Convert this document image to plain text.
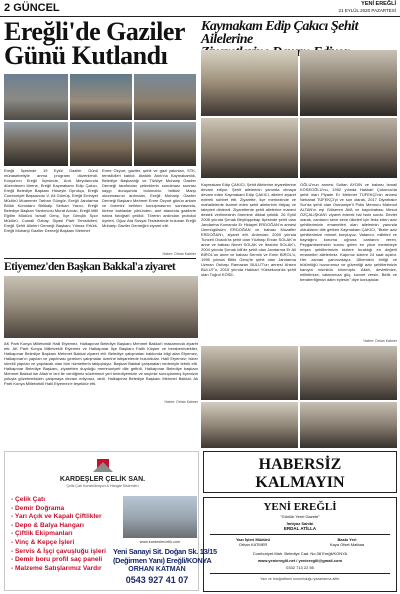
2 GÜNCEL	YENİ EREĞLİ
21 EYLÜL 2020 PAZARTESİ
Ereğli'de Gaziler
Günü Kutlandı
Ereğli İlçesinde 19 Eylül Gaziler Günü münasebetiyle anma programı düzenlendi. Konya'nın Ereğli İlçesinde, Anıt Meydanında düzenlenen törene, Ereğli Kaymakamı Edip Çakıcı, Ereğli Belediye Başkanı Hüseyin Oprukçu, Ereğli Cumhuriyet Başsavcısı V. Ali Gümüş, Ereğli Emniyet Müdürü Muammer Tarhan Güngör, Ereğli Jandarma Bölük Komutanı Birlikalp Serkan Yazıcı, Ereğli Belediye Başkan Yardımcısı Murat Arıcan, Ereğli Milli Eğitim Müdürü İsmail Genç, İlçe Gençlik Spor Müdürü, Cumali Özbay, Siyasi Parti Temsilcileri, Ereğli Şehit Aileleri Derneği Başkanı Yılmaz Ertürk, Ereğli Muharip Gaziler Derneği Başkanı Mehmet
Emre Özyurt, gaziler, şehit ve gazi yakınları, STK, temsilcileri katıldı. Atatürk Anıtı'na Kaymakamlık, Belediye Başkanlığı ve Türkiye Muharip Gaziler Derneği tarafından çelenklerin sunulması sonrası saygı duruşunda bulunuldu. İstiklal Marşı okunmasının ardından, Ereğli Muharip Gaziler Derneği Başkanı Mehmet Emre Özyurt günün anlam ve önemini belirten konuşmasının sonrasında, törene katılanlar yönünden, anıt alanında gazilerle hatıra fotoğrafı çekildi. Törenin ardından protokol üyeleri, Oğuz Ata Sosyal Tesislerinde bulunan Ereğli Muharip Gaziler Derneğini ziyaret etti.
Haber: Orhan Katmer
Kaymakam Edip Çakıcı Şehit Ailelerine
Kaymakam Edip ÇAKICI, Şehit Ailelerine ziyaretlerine devam ediyor. Şehit ailelerinin yanında olmaya devam eden Kaymakam Edip ÇAKICI, aileleri ziyaret ederek sohbet etti. Ziyarette, ilçe merkezinde ve mahallelerde ikamet eden şehit ailelerinin ihtiyaç ve talepleri dinlendi. Ziyaretlerde şehit ailelerine manevi destek verilmesinin önemine dikkat çekildi. 26 Eylül 2008 yılında Şırnak Beytüşşebap ilçesinde şehit olan Jandarma Komando Er Hidayet ERDOĞAN'ın annesi Ümmügülsüm ERDOĞAN ve babası Muzaffer ERDOĞAN'ı, ziyaret etti. Ardından; 2000 yılında Tunceli Ovacık'ta şehit olan Yüzbaşı Ercan SOLAK'ın anne ve babası Nimet SOLAK ve İbrahim SOLAK'ı, 2004 yılında Şırnak İdil'de şehit olan Jandarma Er Ali BİROL'un anne ve babası Sermin ve Emin BİROL'u, 1995 yılında Bitlis Genç'te şehit olan Jandarma Uzman Onbaşı Ramazan BULUT'un annesi Ahsen BULUT'u, 2015 yılında Hakkari Yüksekova'da şehit olan Tuğrul KÖSE-
OĞLU'nun annesi Sultan AYDIN ve babası İsmail KÖSEOĞLU'nu, 1992 yılında Hakkari Çukurca'da şehit olan Piyade Er Mehmet TÜFEKÇİ'nin annesi Nebahat TÜFEKÇİ'yi ve son olarak, 2017 Diyarbakır Sur'da şehit olan Osmaniye'li Polis Memuru Mahmut ALTAN'ın eşi Gülseren AVA ve kayınbabası Mesut ÖZÇALIŞKAN'ı ziyaret ederek hal hatır sordu. Devlet olarak, canlarını seve seve ülkeleri için feda eden aziz şehitlerimizin emanetleri olan ailelerinin yanında olduklarını dile getiren Kaymakam ÇAKICI, "Bizler aziz şehitlerimize minnet borçluyuz. Vatanını, milletini ve bayrağını koruma uğruna canlarını veren, Peygamberimizin sunnu gelen en yüce mertebeye erişen şehitlerimizin bizlere bıraktığı en değerli emanetler ailelerimiz. Kapımız sizlere 24 saat açıktır. Her zaman yanınızdayız. Ülkemizin birliği ve bütünlüğü huzurumuz ve güvenliği aziz şehitlerimizin kanıyla mümkün kılınmıştır. Allah, devletimize, milletimize, vatanımıza güç, kuvvet versin. Birlik ve beraberliğimizi daim eylesin" diye konuştular.
Haber: Orhan Katmer
Etiyemez'den Başkan Bakkal'a ziyaret
AK Parti Konya Milletvekili Halil Etyemez, Halkapınar Belediye Başkanı Mehmet Bakkal'ı makamında ziyaret etti. AK Parti Konya Milletvekili Etyemez ve Halkapınar İlçe Başkanı Fatih Köşker ve beraberindekiler, Halkapınar Belediye Başkanı Mehmet Bakkal ziyaret etti. Belediye çalışmaları hakkında bilgi alan Etyemez, Halkapınar'ın yapılan ve yapılması gereken çalışmalar üzerine istişarelerde bulundular. Halil Etyemez; bizler sürekli yapılan ve yapılacak olan tüm hizmetlerin takipçisiyiz. Başkan Bakkal çalışmaları nedeniyle tebrik etti. Halkapınar Belediye Başkanı, ziyaretten duyduğu memnuniyeti dile getirdi. Halkapınar Belediye başkanı Mehmet Bakkal ise Allah'ın izni ile verdiğimiz sözlerimizi yeri belediyemizle ve seçimle sonuçlanmış ilçemizin yoluyla gözetmeksizin çalışmaya devam ediyoruz, dedi. Halkapınar Belediye Başkanı Mehmet Bakkal, Ak Parti Konya Milletvekili Halil Etyemez'e teşekkür etti.
Haber: Orhan Katmer
KARDEŞLER ÇELİK SAN.
Çelik Çatı Konstrüksiyon & Hangar Sistemleri
- Çelik Çatı
- Demir Doğrama
- Yarı Açık ve Kapalı Çiftlikler
- Depo & Balya Hangarı
- Çiftlik Ekipmanları
- Vinç & Kepçe İşleri
- Servis & İşçi çavuşluğu işleri
- Demir boru profil saç paneli
- Malzeme Satışlarımız Vardır
www.kardeslercelik.com
Yeni Sanayi Sit. Doğan Sk. 13/15
(Değirmen Yanı) Ereğli/KONYA
ORHAN KATMAN
0543 927 41 07
HABERSİZ
KALMAYIN
YENİ EREĞLİ
"Günlük Yerel Gazete"
İmtiyaz Sahibi
ERDAL ATİLLA
Yazı İşleri Müdürü
Orhan KATMER
Baskı Yeri
Kaya Ofset Matbaa
Cumhuriyet Mah. Belediye Cad. No:38 Ereğli/KONYA
www.yeniereglil.net / yeniereglil@gmail.com
0332 713 22 55
Yazı ve fotoğrafların sorumluluğu yazarlarına aittir.
